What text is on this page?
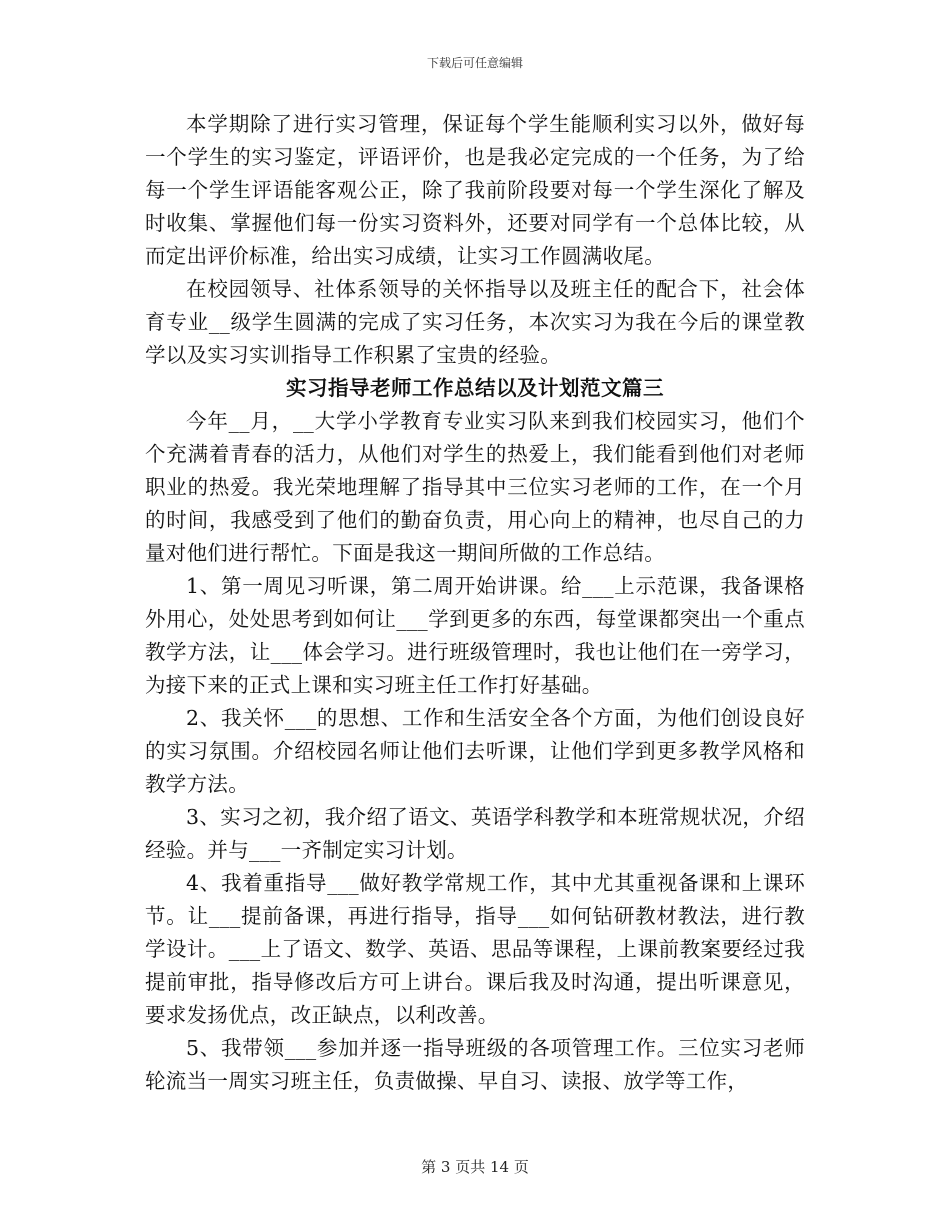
下载后可任意编辑

本学期除了进行实习管理，保证每个学生能顺利实习以外，做好每一个学生的实习鉴定，评语评价，也是我必定完成的一个任务，为了给每一个学生评语能客观公正，除了我前阶段要对每一个学生深化了解及时收集、掌握他们每一份实习资料外，还要对同学有一个总体比较，从而定出评价标准，给出实习成绩，让实习工作圆满收尾。

在校园领导、社体系领导的关怀指导以及班主任的配合下，社会体育专业__级学生圆满的完成了实习任务，本次实习为我在今后的课堂教学以及实习实训指导工作积累了宝贵的经验。

实习指导老师工作总结以及计划范文篇三

今年__月，__大学小学教育专业实习队来到我们校园实习，他们个个充满着青春的活力，从他们对学生的热爱上，我们能看到他们对老师职业的热爱。我光荣地理解了指导其中三位实习老师的工作，在一个月的时间，我感受到了他们的勤奋负责，用心向上的精神，也尽自己的力量对他们进行帮忙。下面是我这一期间所做的工作总结。

1、第一周见习听课，第二周开始讲课。给___上示范课，我备课格外用心，处处思考到如何让___学到更多的东西，每堂课都突出一个重点教学方法，让___体会学习。进行班级管理时，我也让他们在一旁学习，为接下来的正式上课和实习班主任工作打好基础。

2、我关怀___的思想、工作和生活安全各个方面，为他们创设良好的实习氛围。介绍校园名师让他们去听课，让他们学到更多教学风格和教学方法。

3、实习之初，我介绍了语文、英语学科教学和本班常规状况，介绍经验。并与___一齐制定实习计划。

4、我着重指导___做好教学常规工作，其中尤其重视备课和上课环节。让___提前备课，再进行指导，指导___如何钻研教材教法，进行教学设计。___上了语文、数学、英语、思品等课程，上课前教案要经过我提前审批，指导修改后方可上讲台。课后我及时沟通，提出听课意见，要求发扬优点，改正缺点，以利改善。

5、我带领___参加并逐一指导班级的各项管理工作。三位实习老师轮流当一周实习班主任，负责做操、早自习、读报、放学等工作，

第 3 页共 14 页
